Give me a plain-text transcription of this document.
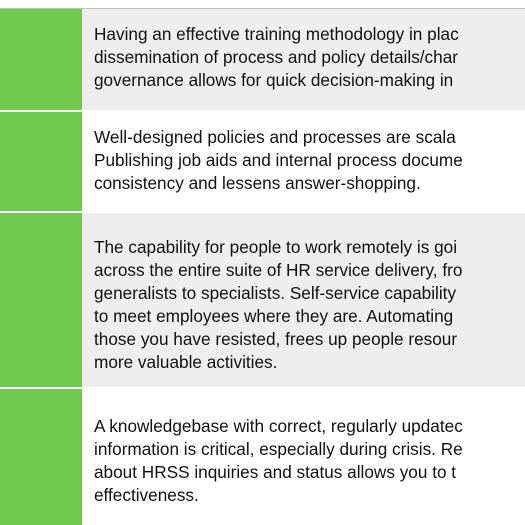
Having an effective training methodology in plac
dissemination of process and policy details/char
governance allows for quick decision-making in

Well-designed policies and processes are scala
Publishing job aids and internal process docume
consistency and lessens answer-shopping.

The capability for people to work remotely is goi
across the entire suite of HR service delivery, fro
generalists to specialists. Self-service capability
to meet employees where they are. Automating
those you have resisted, frees up people resour
more valuable activities.

A knowledgebase with correct, regularly updatec
information is critical, especially during crisis. Re
about HRSS inquiries and status allows you to t
effectiveness.
